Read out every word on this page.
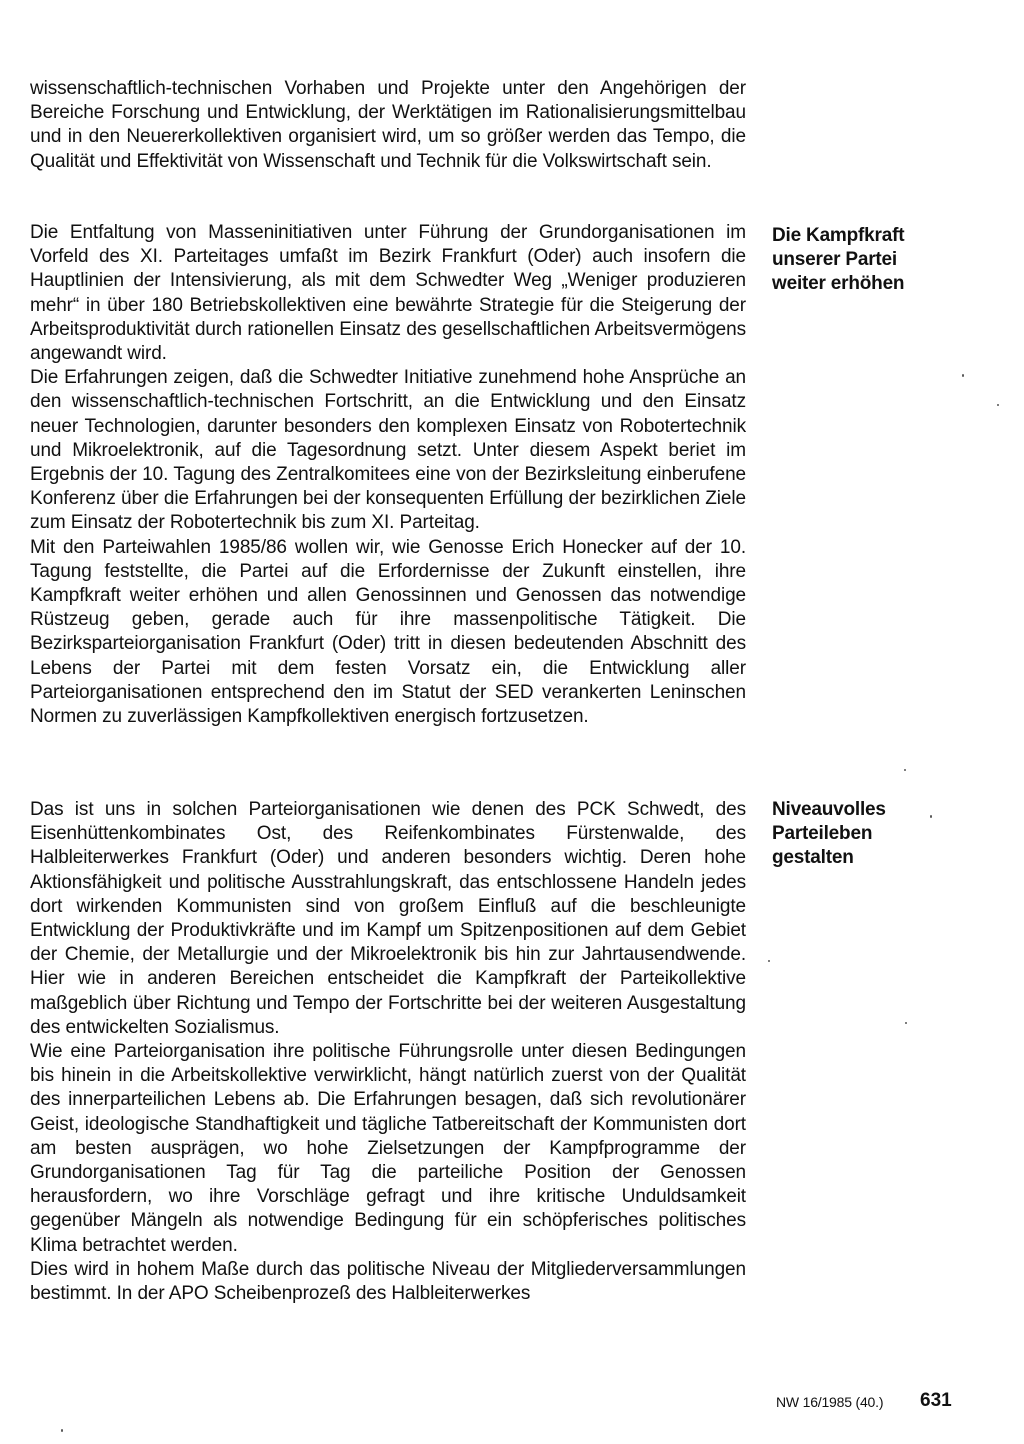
wissenschaftlich-technischen Vorhaben und Projekte unter den Angehörigen der Bereiche Forschung und Entwicklung, der Werktätigen im Rationalisierungsmittelbau und in den Neuererkollektiven organisiert wird, um so größer werden das Tempo, die Qualität und Effektivität von Wissenschaft und Technik für die Volkswirtschaft sein.

Die Kampfkraft
unserer Partei
weiter erhöhen

Die Entfaltung von Masseninitiativen unter Führung der Grundorganisationen im Vorfeld des XI. Parteitages umfaßt im Bezirk Frankfurt (Oder) auch insofern die Hauptlinien der Intensivierung, als mit dem Schwedter Weg „Weniger produzieren mehr“ in über 180 Betriebskollektiven eine bewährte Strategie für die Steigerung der Arbeitsproduktivität durch rationellen Einsatz des gesellschaftlichen Arbeitsvermögens angewandt wird.

Die Erfahrungen zeigen, daß die Schwedter Initiative zunehmend hohe Ansprüche an den wissenschaftlich-technischen Fortschritt, an die Entwicklung und den Einsatz neuer Technologien, darunter besonders den komplexen Einsatz von Robotertechnik und Mikroelektronik, auf die Tagesordnung setzt. Unter diesem Aspekt beriet im Ergebnis der 10. Tagung des Zentralkomitees eine von der Bezirksleitung einberufene Konferenz über die Erfahrungen bei der konsequenten Erfüllung der bezirklichen Ziele zum Einsatz der Robotertechnik bis zum XI. Parteitag.

Mit den Parteiwahlen 1985/86 wollen wir, wie Genosse Erich Honecker auf der 10. Tagung feststellte, die Partei auf die Erfordernisse der Zukunft einstellen, ihre Kampfkraft weiter erhöhen und allen Genossinnen und Genossen das notwendige Rüstzeug geben, gerade auch für ihre massenpolitische Tätigkeit. Die Bezirksparteiorganisation Frankfurt (Oder) tritt in diesen bedeutenden Abschnitt des Lebens der Partei mit dem festen Vorsatz ein, die Entwicklung aller Parteiorganisationen entsprechend den im Statut der SED verankerten Leninschen Normen zu zuverlässigen Kampfkollektiven energisch fortzusetzen.

Niveauvolles
Parteileben
gestalten

Das ist uns in solchen Parteiorganisationen wie denen des PCK Schwedt, des Eisenhüttenkombinates Ost, des Reifenkombinates Fürstenwalde, des Halbleiterwerkes Frankfurt (Oder) und anderen besonders wichtig. Deren hohe Aktionsfähigkeit und politische Ausstrahlungskraft, das entschlossene Handeln jedes dort wirkenden Kommunisten sind von großem Einfluß auf die beschleunigte Entwicklung der Produktivkräfte und im Kampf um Spitzenpositionen auf dem Gebiet der Chemie, der Metallurgie und der Mikroelektronik bis hin zur Jahrtausendwende. Hier wie in anderen Bereichen entscheidet die Kampfkraft der Parteikollektive maßgeblich über Richtung und Tempo der Fortschritte bei der weiteren Ausgestaltung des entwickelten Sozialismus.

Wie eine Parteiorganisation ihre politische Führungsrolle unter diesen Bedingungen bis hinein in die Arbeitskollektive verwirklicht, hängt natürlich zuerst von der Qualität des innerparteilichen Lebens ab. Die Erfahrungen besagen, daß sich revolutionärer Geist, ideologische Standhaftigkeit und tägliche Tatbereitschaft der Kommunisten dort am besten ausprägen, wo hohe Zielsetzungen der Kampfprogramme der Grundorganisationen Tag für Tag die parteiliche Position der Genossen herausfordern, wo ihre Vorschläge gefragt und ihre kritische Unduldsamkeit gegenüber Mängeln als notwendige Bedingung für ein schöpferisches politisches Klima betrachtet werden.

Dies wird in hohem Maße durch das politische Niveau der Mitgliederversammlungen bestimmt. In der APO Scheibenprozeß des Halbleiterwerkes

NW 16/1985 (40.) 631
